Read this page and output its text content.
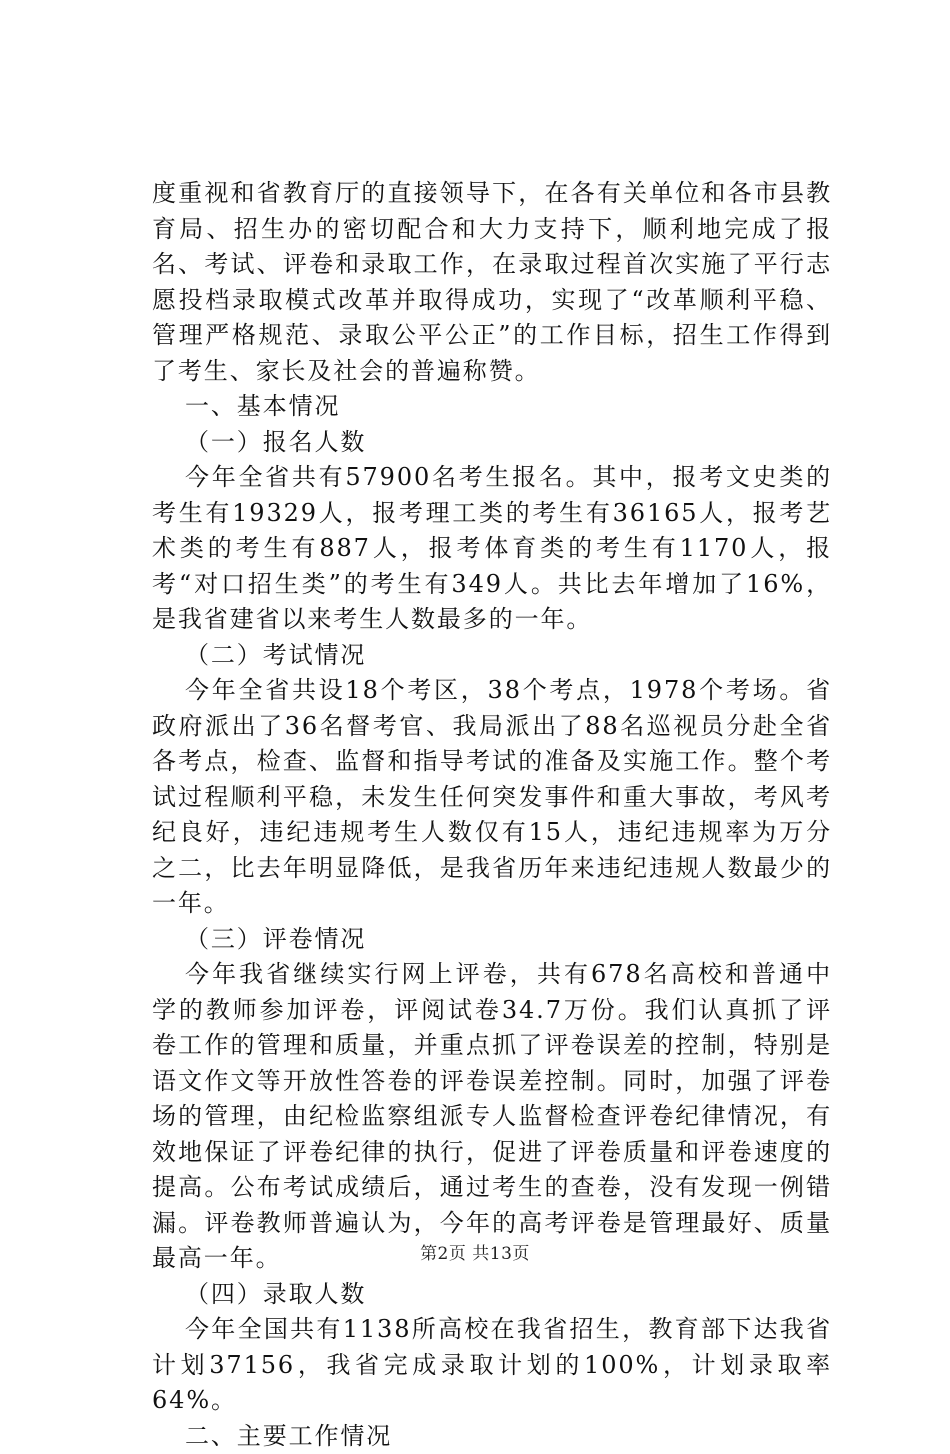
度重视和省教育厅的直接领导下，在各有关单位和各市县教育局、招生办的密切配合和大力支持下，顺利地完成了报名、考试、评卷和录取工作，在录取过程首次实施了平行志愿投档录取模式改革并取得成功，实现了“改革顺利平稳、管理严格规范、录取公平公正”的工作目标，招生工作得到了考生、家长及社会的普遍称赞。

一、基本情况

（一）报名人数

今年全省共有57900名考生报名。其中，报考文史类的考生有19329人，报考理工类的考生有36165人，报考艺术类的考生有887人，报考体育类的考生有1170人，报考“对口招生类”的考生有349人。共比去年增加了16%，是我省建省以来考生人数最多的一年。

（二）考试情况

今年全省共设18个考区，38个考点，1978个考场。省政府派出了36名督考官、我局派出了88名巡视员分赴全省各考点，检查、监督和指导考试的准备及实施工作。整个考试过程顺利平稳，未发生任何突发事件和重大事故，考风考纪良好，违纪违规考生人数仅有15人，违纪违规率为万分之二，比去年明显降低，是我省历年来违纪违规人数最少的一年。

（三）评卷情况

今年我省继续实行网上评卷，共有678名高校和普通中学的教师参加评卷，评阅试卷34.7万份。我们认真抓了评卷工作的管理和质量，并重点抓了评卷误差的控制，特别是语文作文等开放性答卷的评卷误差控制。同时，加强了评卷场的管理，由纪检监察组派专人监督检查评卷纪律情况，有效地保证了评卷纪律的执行，促进了评卷质量和评卷速度的提高。公布考试成绩后，通过考生的查卷，没有发现一例错漏。评卷教师普遍认为，今年的高考评卷是管理最好、质量最高一年。

（四）录取人数

今年全国共有1138所高校在我省招生，教育部下达我省计划37156，我省完成录取计划的100%，计划录取率64%。

二、主要工作情况

第2页 共13页
